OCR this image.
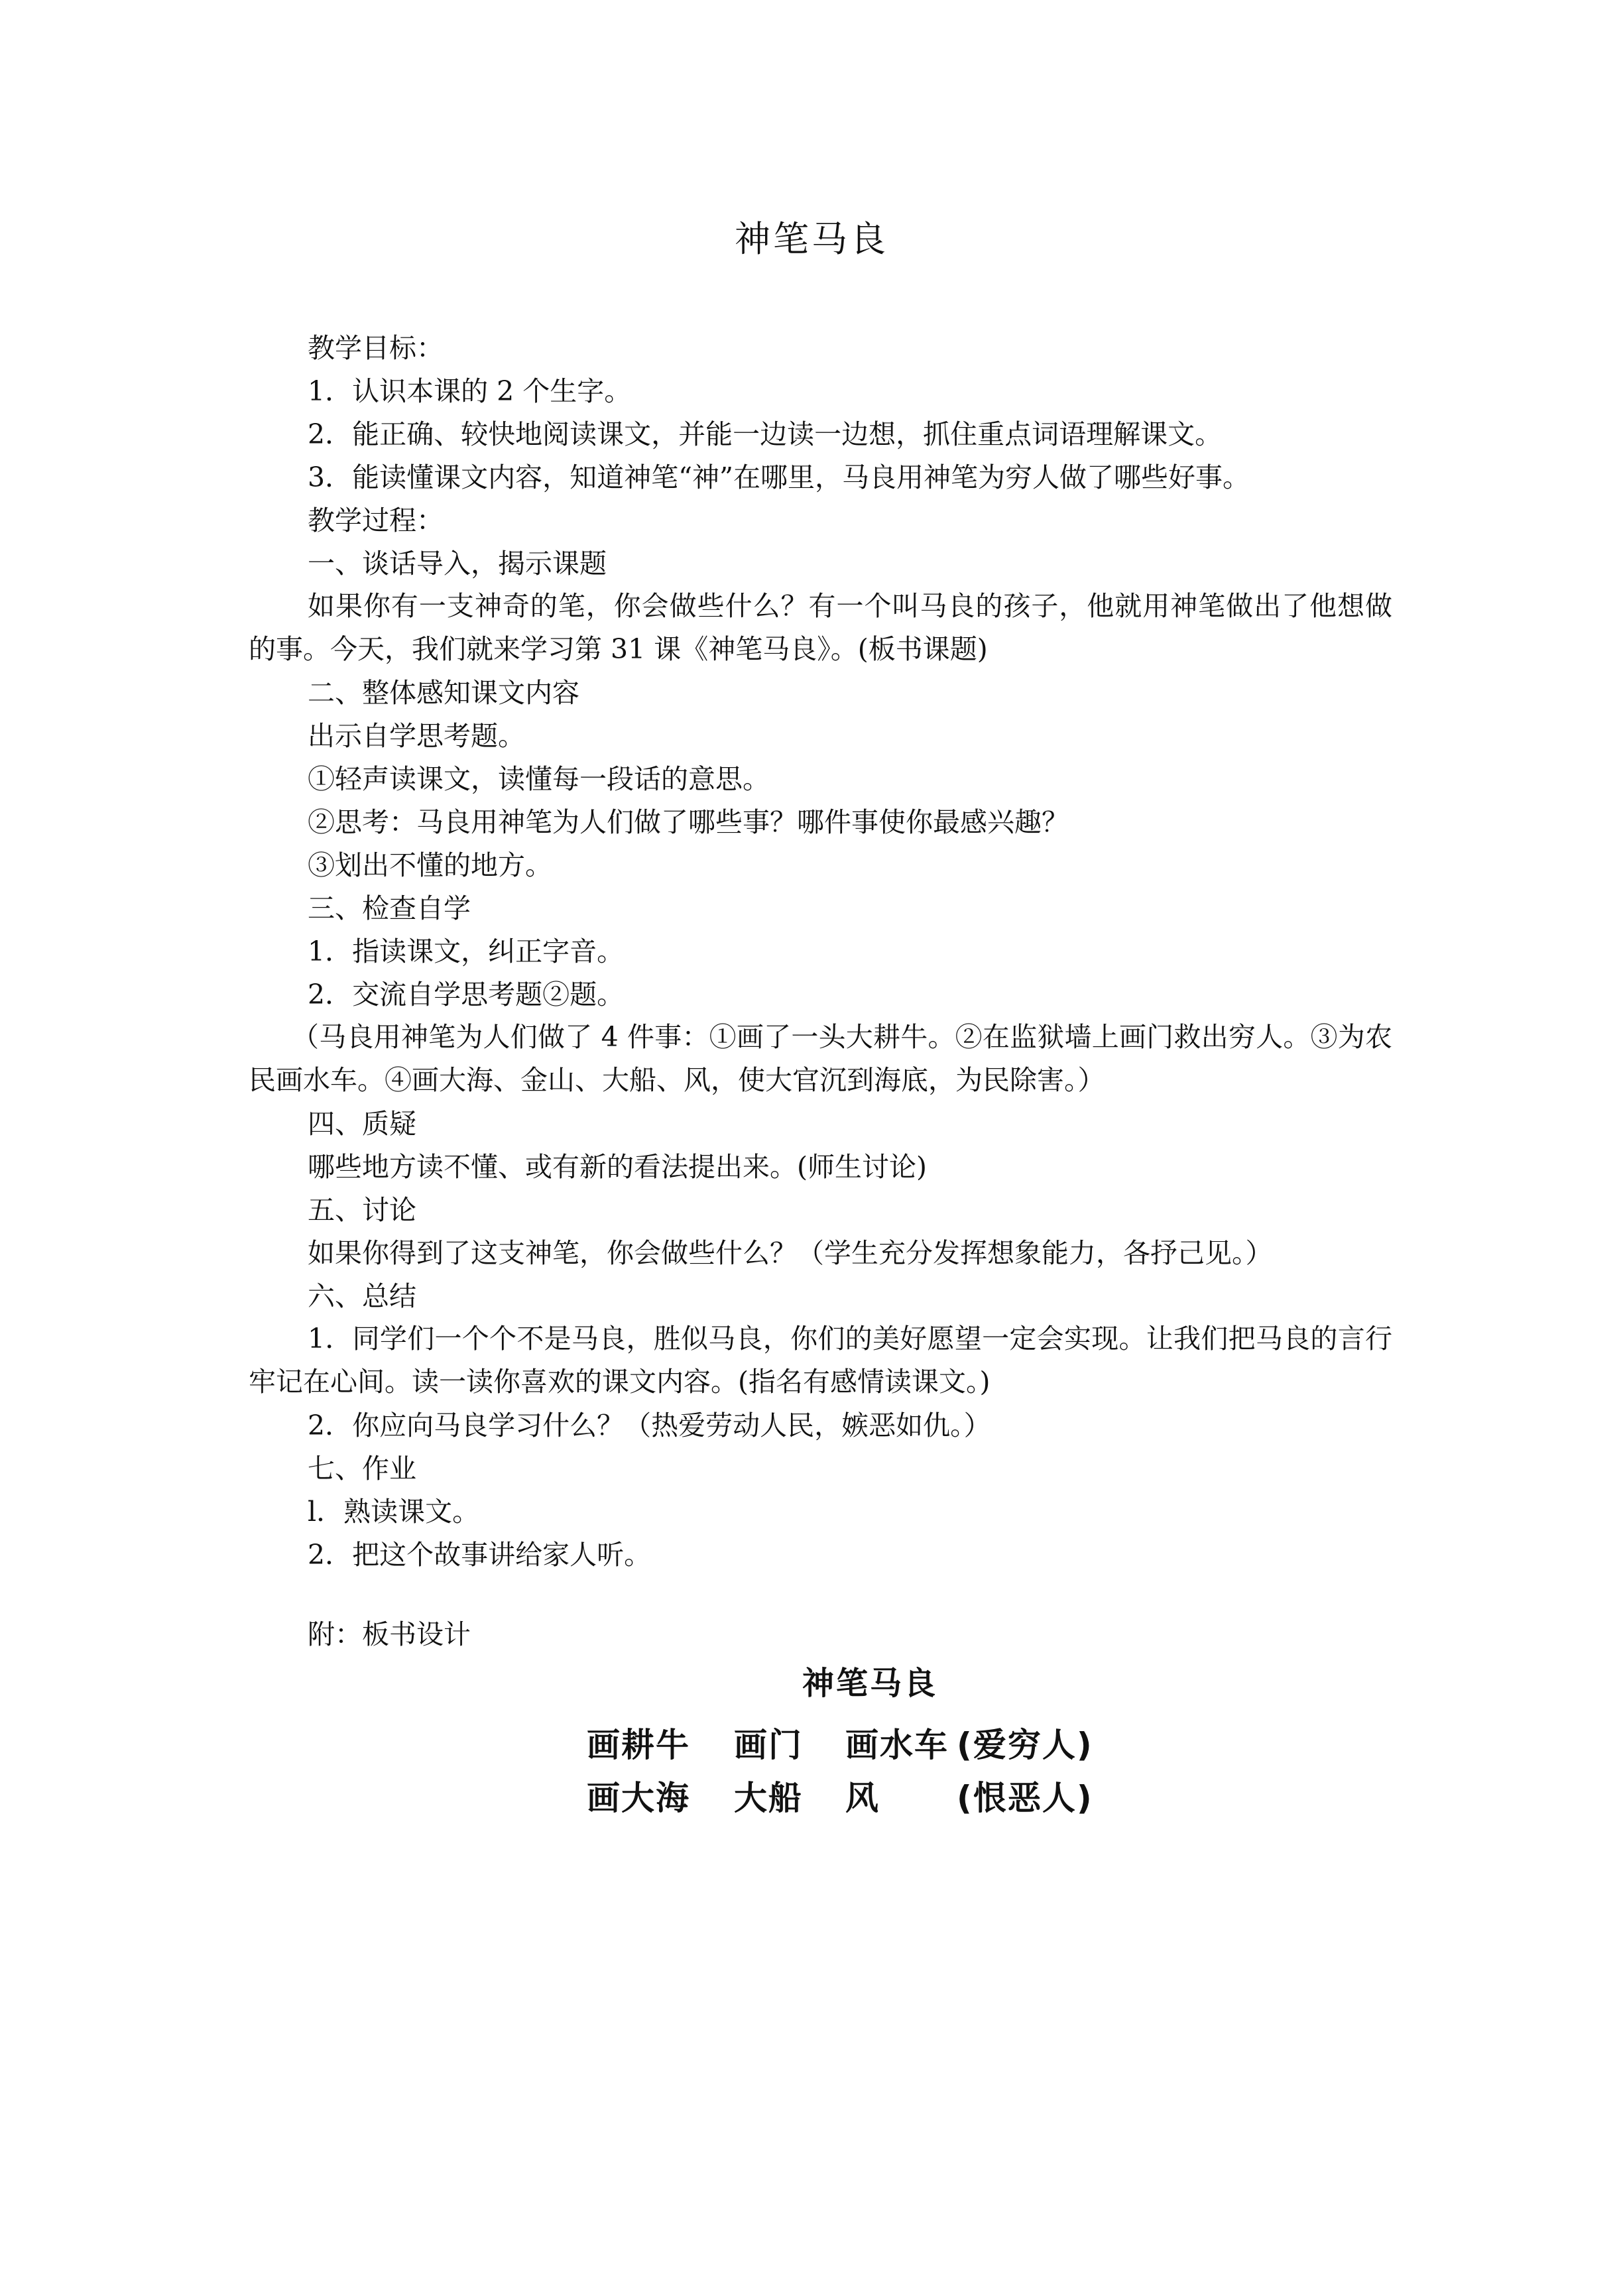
神笔马良
教学目标：
1．认识本课的 2 个生字。
2．能正确、较快地阅读课文，并能一边读一边想，抓住重点词语理解课文。
3．能读懂课文内容，知道神笔“神”在哪里，马良用神笔为穷人做了哪些好事。
教学过程：
一、谈话导入，揭示课题
如果你有一支神奇的笔，你会做些什么？有一个叫马良的孩子，他就用神笔做出了他想做的事。今天，我们就来学习第 31 课《神笔马良》。(板书课题)
二、整体感知课文内容
出示自学思考题。
①轻声读课文，读懂每一段话的意思。
②思考：马良用神笔为人们做了哪些事？哪件事使你最感兴趣？
③划出不懂的地方。
三、检查自学
1．指读课文，纠正字音。
2．交流自学思考题②题。
（马良用神笔为人们做了 4 件事：①画了一头大耕牛。②在监狱墙上画门救出穷人。③为农民画水车。④画大海、金山、大船、风，使大官沉到海底，为民除害。）
四、质疑
哪些地方读不懂、或有新的看法提出来。(师生讨论)
五、讨论
如果你得到了这支神笔，你会做些什么？（学生充分发挥想象能力，各抒己见。）
六、总结
1．同学们一个个不是马良，胜似马良，你们的美好愿望一定会实现。让我们把马良的言行牢记在心间。读一读你喜欢的课文内容。(指名有感情读课文。)
2．你应向马良学习什么？（热爱劳动人民，嫉恶如仇。）
七、作业
l．熟读课文。
2．把这个故事讲给家人听。
附：板书设计
神笔马良
画耕牛 画门 画水车 (爱穷人)
画大海 大船 风 (恨恶人)
